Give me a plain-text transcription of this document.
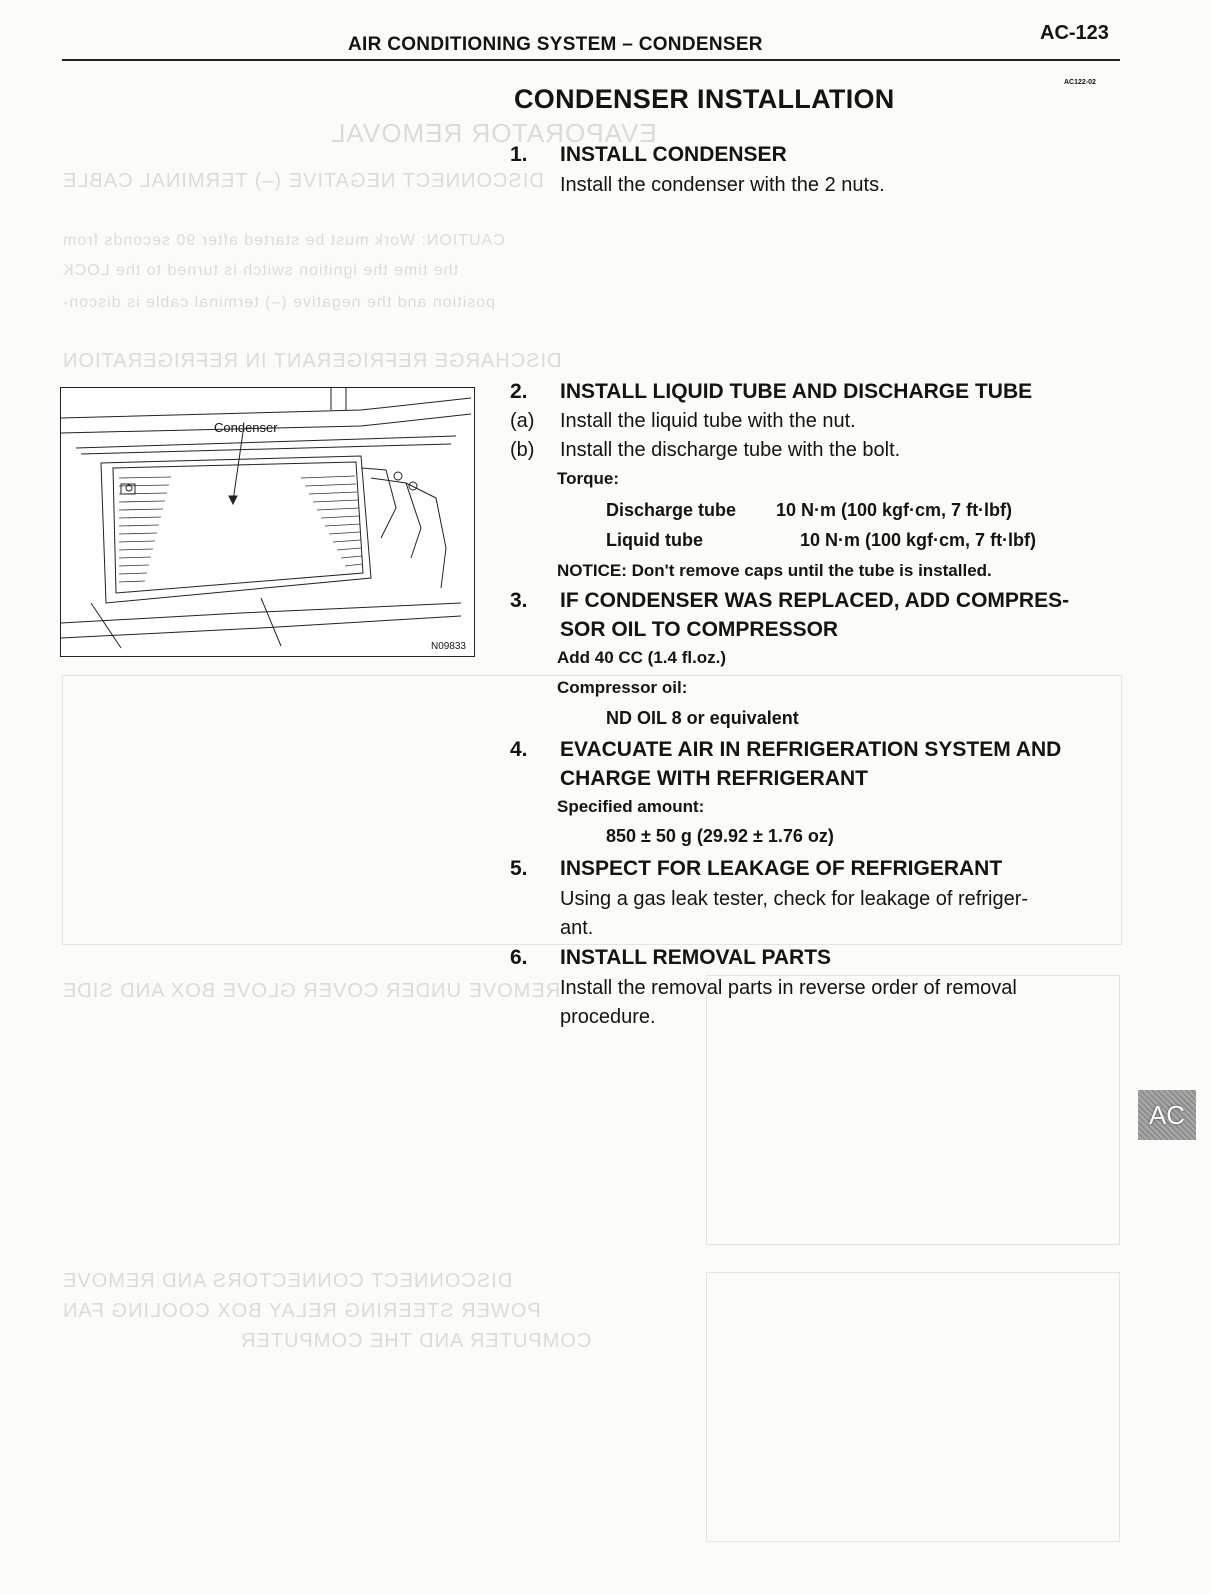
EVAPORATOR REMOVAL
DISCONNECT NEGATIVE (–) TERMINAL CABLE
CAUTION: Work must be started after 90 seconds from
the time the ignition switch is turned to the LOCK
position and the negative (–) terminal cable is discon-
DISCHARGE REFRIGERANT IN REFRIGERATION
REMOVE UNDER COVER GLOVE BOX AND SIDE
DISCONNECT CONNECTORS AND REMOVE
POWER STEERING RELAY BOX COOLING FAN
COMPUTER AND THE COMPUTER
AIR CONDITIONING SYSTEM – CONDENSER
AC-123
AC122-02
CONDENSER INSTALLATION
1.	INSTALL CONDENSER
Install the condenser with the 2 nuts.
Condenser
N09833
2.	INSTALL LIQUID TUBE AND DISCHARGE TUBE
(a) Install the liquid tube with the nut.
(b) Install the discharge tube with the bolt.
Torque:
Discharge tube 10 N·m (100 kgf·cm, 7 ft·lbf)
Liquid tube	10 N·m (100 kgf·cm, 7 ft·lbf)
NOTICE: Don't remove caps until the tube is installed.
3.	IF CONDENSER WAS REPLACED, ADD COMPRES-
SOR OIL TO COMPRESSOR
Add 40 CC (1.4 fl.oz.)
Compressor oil:
ND OIL 8 or equivalent
4.	EVACUATE AIR IN REFRIGERATION SYSTEM AND
CHARGE WITH REFRIGERANT
Specified amount:
850 ± 50 g (29.92 ± 1.76 oz)
5.	INSPECT FOR LEAKAGE OF REFRIGERANT
Using a gas leak tester, check for leakage of refriger-
ant.
6.	INSTALL REMOVAL PARTS
Install the removal parts in reverse order of removal
procedure.
AC
